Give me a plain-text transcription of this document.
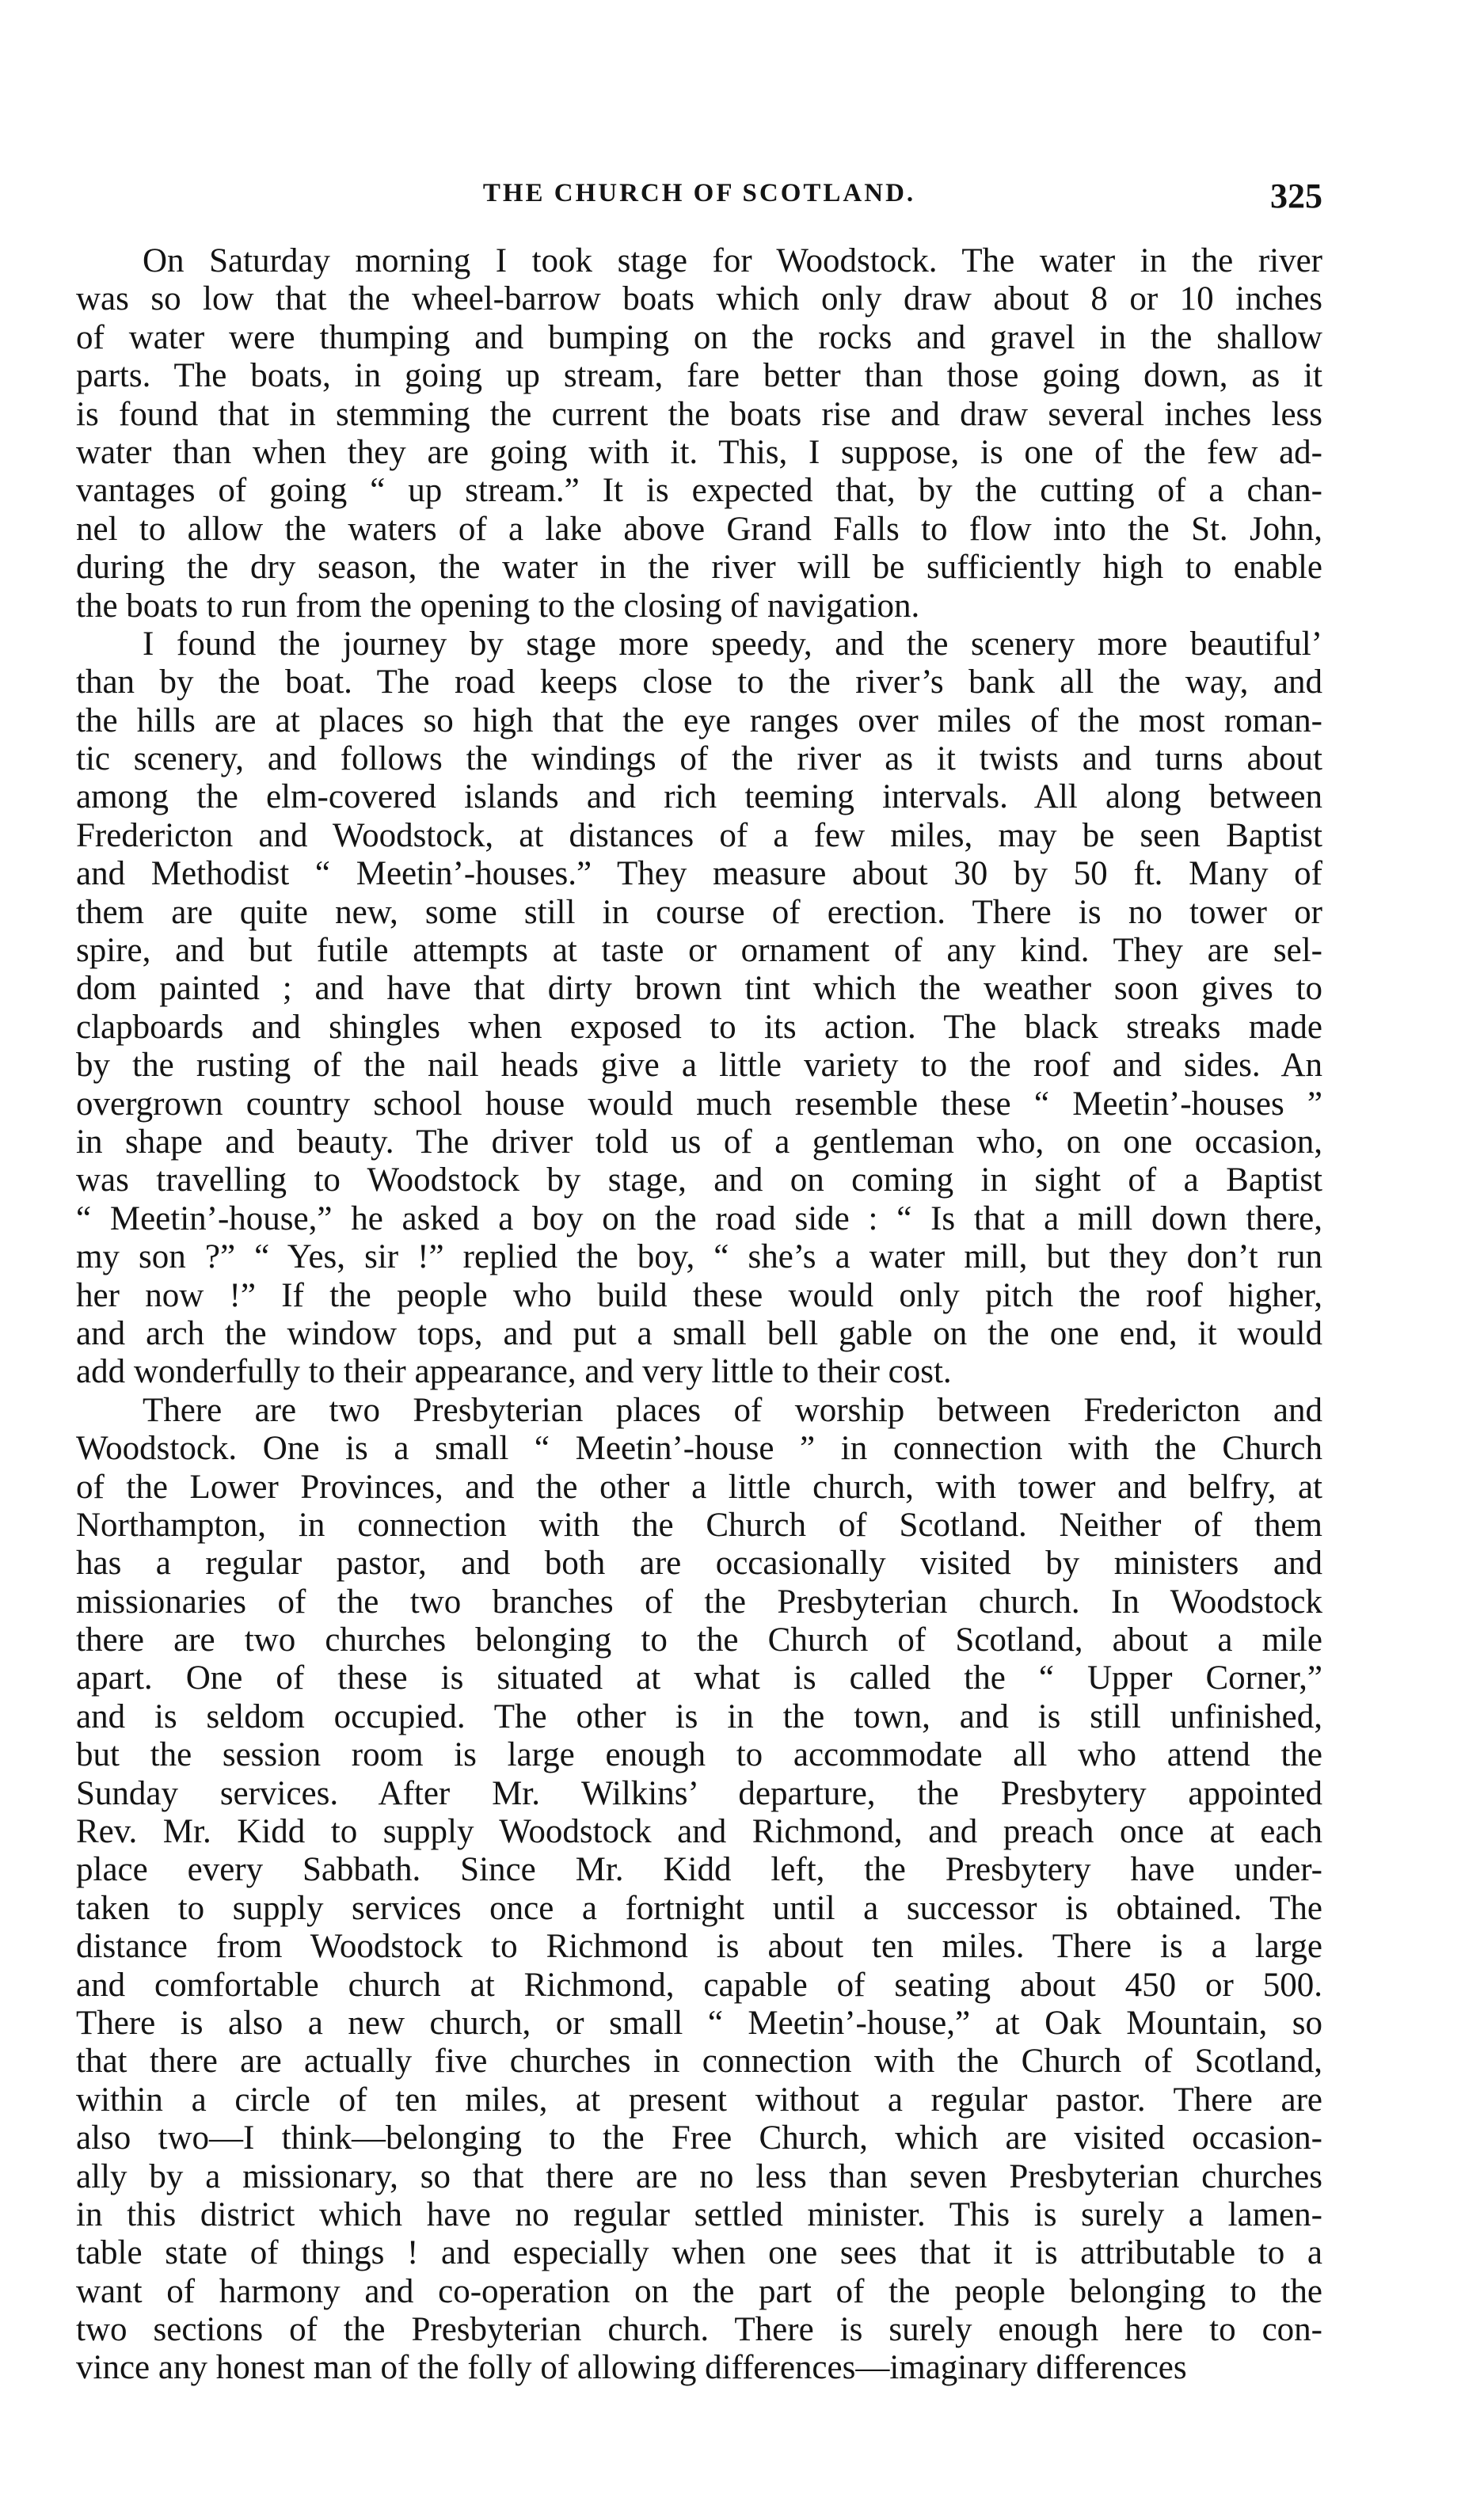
THE CHURCH OF SCOTLAND.	325
On Saturday morning I took stage for Woodstock. The water in the river
was so low that the wheel-barrow boats which only draw about 8 or 10 inches
of water were thumping and bumping on the rocks and gravel in the shallow
parts. The boats, in going up stream, fare better than those going down, as it
is found that in stemming the current the boats rise and draw several inches less
water than when they are going with it. This, I suppose, is one of the few ad-
vantages of going “ up stream.” It is expected that, by the cutting of a chan-
nel to allow the waters of a lake above Grand Falls to flow into the St. John,
during the dry season, the water in the river will be sufficiently high to enable
the boats to run from the opening to the closing of navigation.
I found the journey by stage more speedy, and the scenery more beautiful’
than by the boat. The road keeps close to the river’s bank all the way, and
the hills are at places so high that the eye ranges over miles of the most roman-
tic scenery, and follows the windings of the river as it twists and turns about
among the elm-covered islands and rich teeming intervals. All along between
Fredericton and Woodstock, at distances of a few miles, may be seen Baptist
and Methodist “ Meetin’-houses.” They measure about 30 by 50 ft. Many of
them are quite new, some still in course of erection. There is no tower or
spire, and but futile attempts at taste or ornament of any kind. They are sel-
dom painted ; and have that dirty brown tint which the weather soon gives to
clapboards and shingles when exposed to its action. The black streaks made
by the rusting of the nail heads give a little variety to the roof and sides. An
overgrown country school house would much resemble these “ Meetin’-houses ”
in shape and beauty. The driver told us of a gentleman who, on one occasion,
was travelling to Woodstock by stage, and on coming in sight of a Baptist
“ Meetin’-house,” he asked a boy on the road side : “ Is that a mill down there,
my son ?” “ Yes, sir !” replied the boy, “ she’s a water mill, but they don’t run
her now !” If the people who build these would only pitch the roof higher,
and arch the window tops, and put a small bell gable on the one end, it would
add wonderfully to their appearance, and very little to their cost.
There are two Presbyterian places of worship between Fredericton and
Woodstock. One is a small “ Meetin’-house ” in connection with the Church
of the Lower Provinces, and the other a little church, with tower and belfry, at
Northampton, in connection with the Church of Scotland. Neither of them
has a regular pastor, and both are occasionally visited by ministers and
missionaries of the two branches of the Presbyterian church. In Woodstock
there are two churches belonging to the Church of Scotland, about a mile
apart. One of these is situated at what is called the “ Upper Corner,”
and is seldom occupied. The other is in the town, and is still unfinished,
but the session room is large enough to accommodate all who attend the
Sunday services. After Mr. Wilkins’ departure, the Presbytery appointed
Rev. Mr. Kidd to supply Woodstock and Richmond, and preach once at each
place every Sabbath. Since Mr. Kidd left, the Presbytery have under-
taken to supply services once a fortnight until a successor is obtained. The
distance from Woodstock to Richmond is about ten miles. There is a large
and comfortable church at Richmond, capable of seating about 450 or 500.
There is also a new church, or small “ Meetin’-house,” at Oak Mountain, so
that there are actually five churches in connection with the Church of Scotland,
within a circle of ten miles, at present without a regular pastor. There are
also two—I think—belonging to the Free Church, which are visited occasion-
ally by a missionary, so that there are no less than seven Presbyterian churches
in this district which have no regular settled minister. This is surely a lamen-
table state of things ! and especially when one sees that it is attributable to a
want of harmony and co-operation on the part of the people belonging to the
two sections of the Presbyterian church. There is surely enough here to con-
vince any honest man of the folly of allowing differences—imaginary differences
